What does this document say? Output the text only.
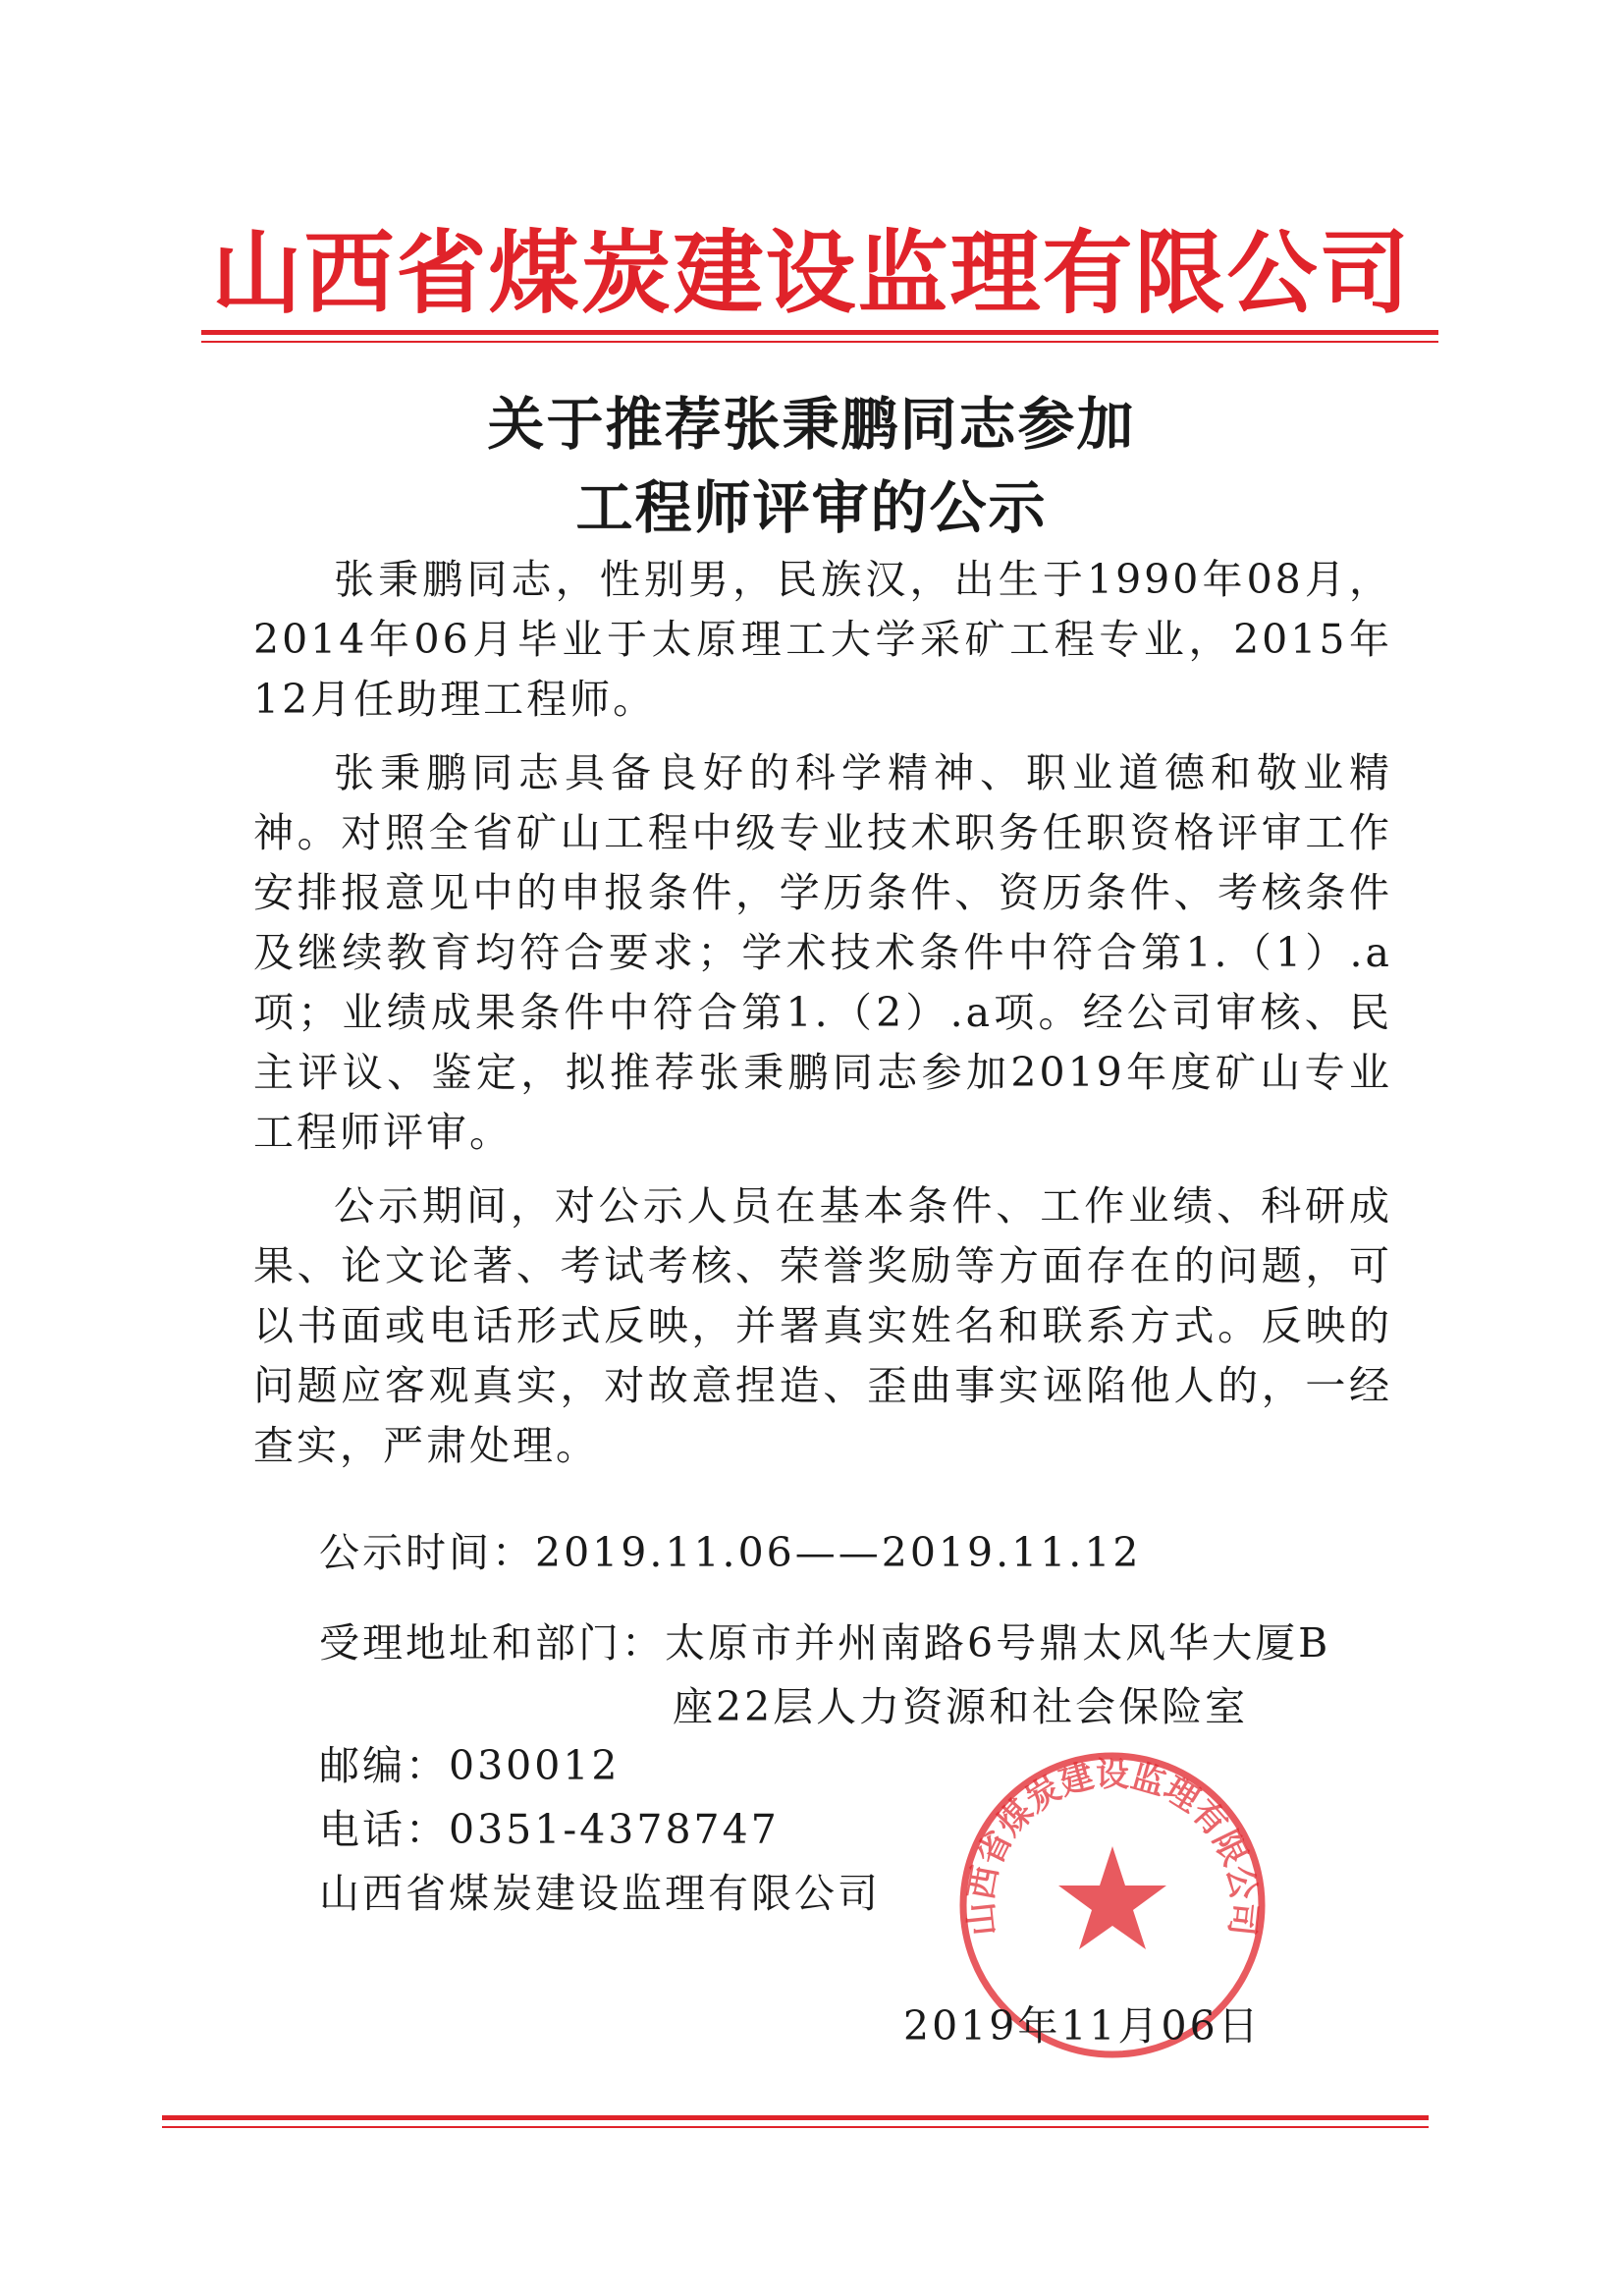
山西省煤炭建设监理有限公司
关于推荐张秉鹏同志参加
工程师评审的公示

张秉鹏同志，性别男，民族汉，出生于1990年08月，2014年06月毕业于太原理工大学采矿工程专业，2015年12月任助理工程师。

张秉鹏同志具备良好的科学精神、职业道德和敬业精神。对照全省矿山工程中级专业技术职务任职资格评审工作安排报意见中的申报条件，学历条件、资历条件、考核条件及继续教育均符合要求；学术技术条件中符合第1.（1）.a项；业绩成果条件中符合第1.（2）.a项。经公司审核、民主评议、鉴定，拟推荐张秉鹏同志参加2019年度矿山专业工程师评审。

公示期间，对公示人员在基本条件、工作业绩、科研成果、论文论著、考试考核、荣誉奖励等方面存在的问题，可以书面或电话形式反映，并署真实姓名和联系方式。反映的问题应客观真实，对故意捏造、歪曲事实诬陷他人的，一经查实，严肃处理。

公示时间：2019.11.06——2019.11.12
受理地址和部门：太原市并州南路6号鼎太风华大厦B
座22层人力资源和社会保险室
邮编：030012
电话：0351-4378747
山西省煤炭建设监理有限公司
山西省煤炭建设监理有限公司
2019年11月06日
